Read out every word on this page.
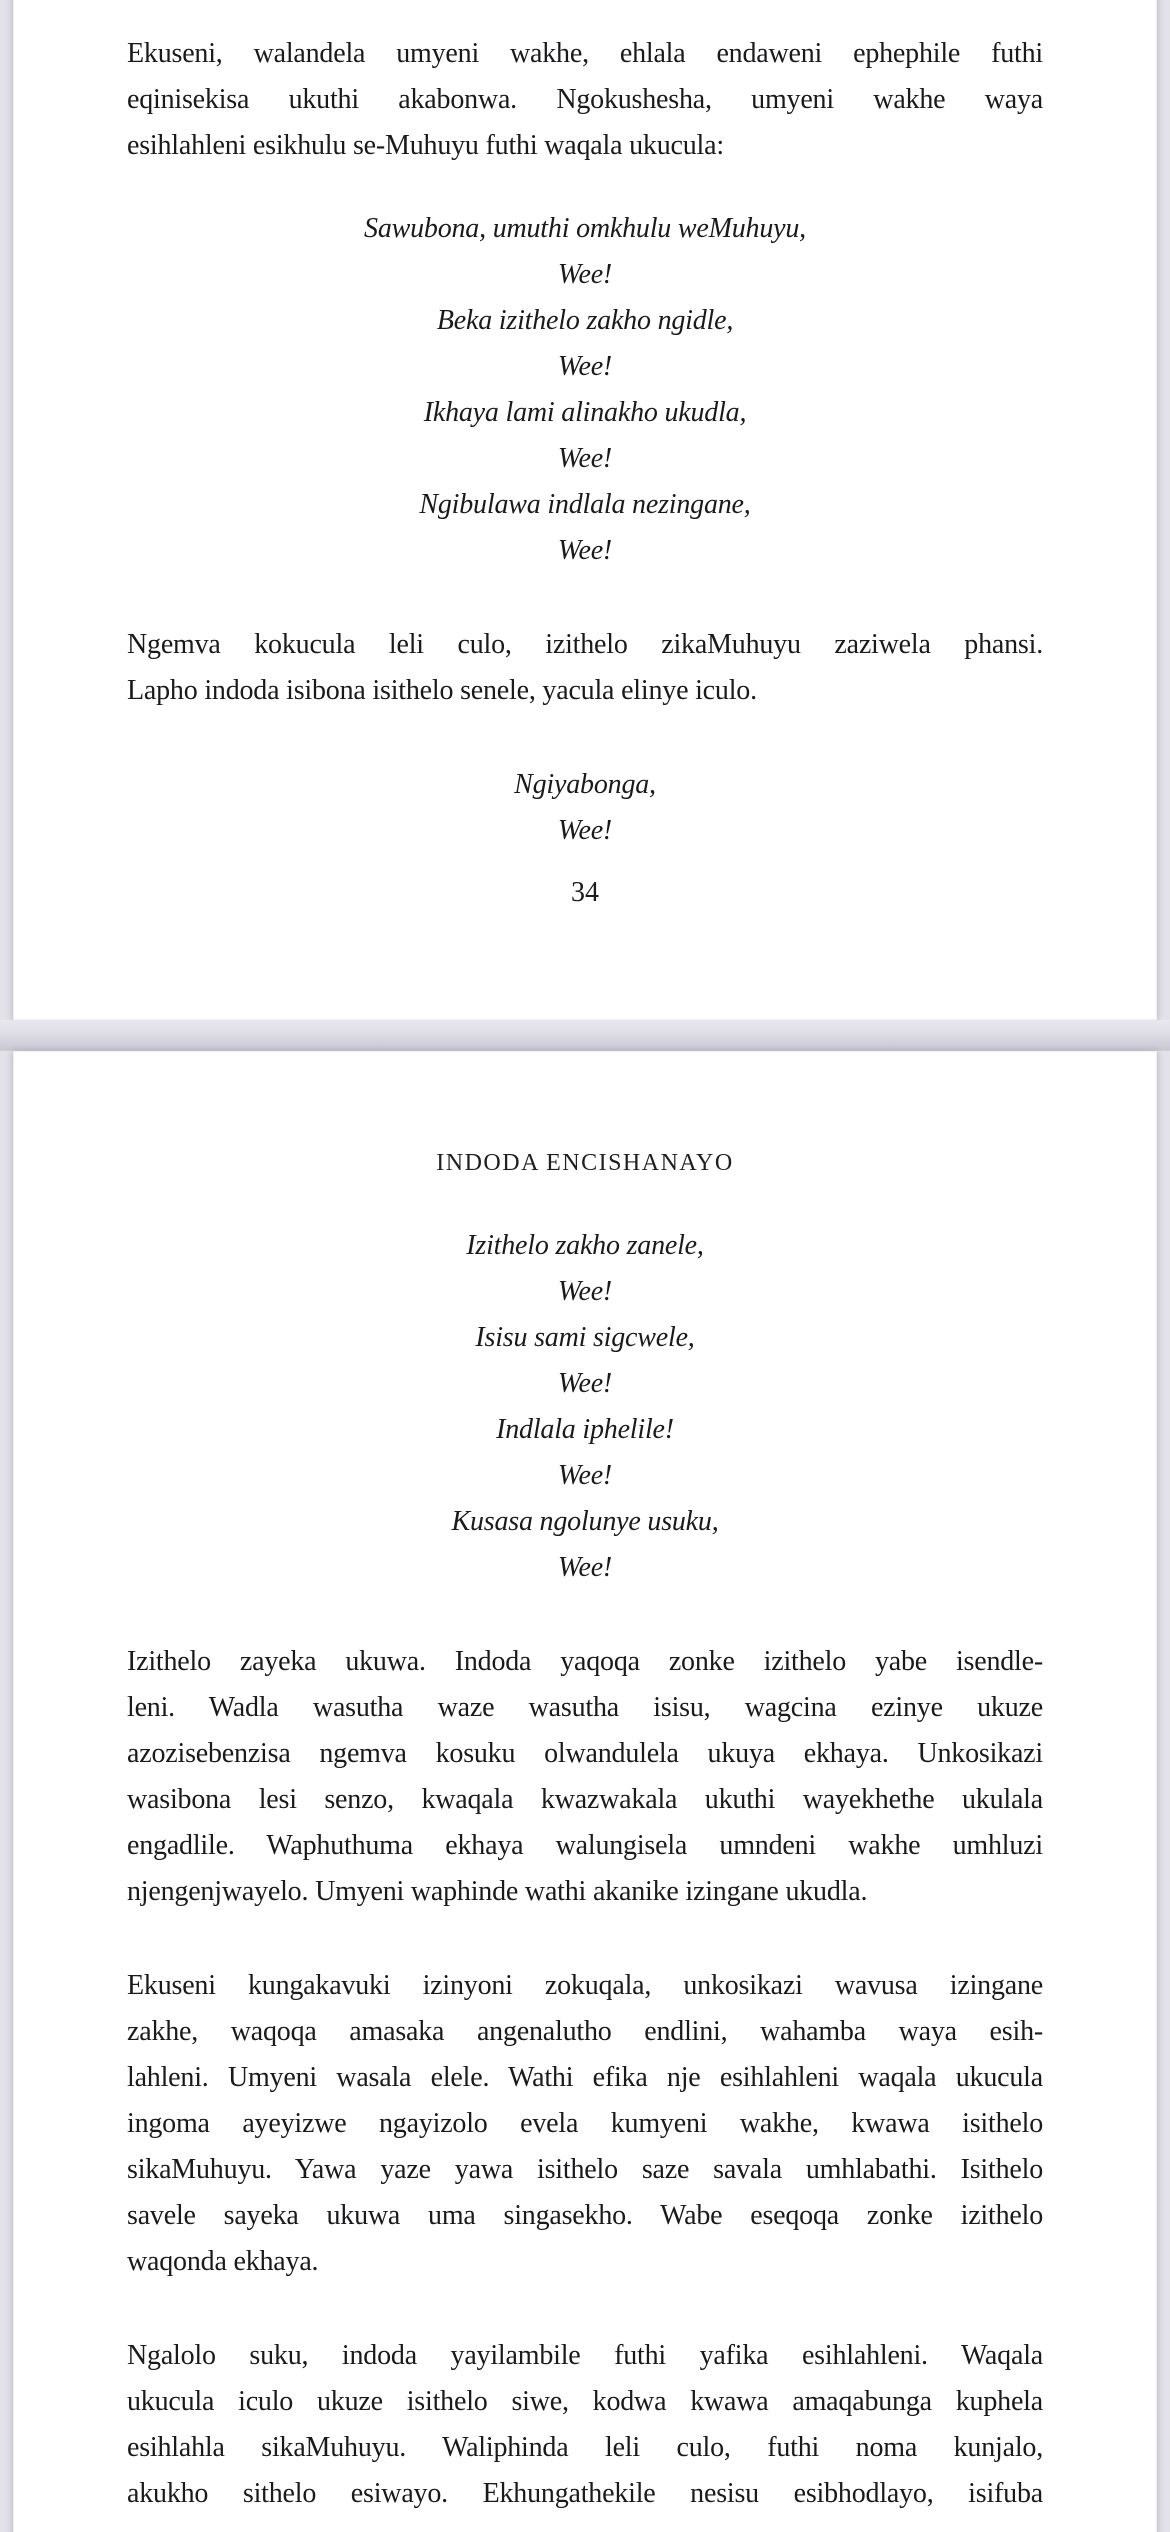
Ekuseni, walandela umyeni wakhe, ehlala endaweni ephephile futhi
eqinisekisa ukuthi akabonwa. Ngokushesha, umyeni wakhe waya
esihlahleni esikhulu se-Muhuyu futhi waqala ukucula:
Sawubona, umuthi omkhulu weMuhuyu,
Wee!
Beka izithelo zakho ngidle,
Wee!
Ikhaya lami alinakho ukudla,
Wee!
Ngibulawa indlala nezingane,
Wee!
Ngemva kokucula leli culo, izithelo zikaMuhuyu zaziwela phansi.
Lapho indoda isibona isithelo senele, yacula elinye iculo.
Ngiyabonga,
Wee!
34
INDODA ENCISHANAYO
Izithelo zakho zanele,
Wee!
Isisu sami sigcwele,
Wee!
Indlala iphelile!
Wee!
Kusasa ngolunye usuku,
Wee!
Izithelo zayeka ukuwa. Indoda yaqoqa zonke izithelo yabe isendle-
leni. Wadla wasutha waze wasutha isisu, wagcina ezinye ukuze
azozisebenzisa ngemva kosuku olwandulela ukuya ekhaya. Unkosikazi
wasibona lesi senzo, kwaqala kwazwakala ukuthi wayekhethe ukulala
engadlile. Waphuthuma ekhaya walungisela umndeni wakhe umhluzi
njengenjwayelo. Umyeni waphinde wathi akanike izingane ukudla.
Ekuseni kungakavuki izinyoni zokuqala, unkosikazi wavusa izingane
zakhe, waqoqa amasaka angenalutho endlini, wahamba waya esih-
lahleni. Umyeni wasala elele. Wathi efika nje esihlahleni waqala ukucula
ingoma ayeyizwe ngayizolo evela kumyeni wakhe, kwawa isithelo
sikaMuhuyu. Yawa yaze yawa isithelo saze savala umhlabathi. Isithelo
savele sayeka ukuwa uma singasekho. Wabe eseqoqa zonke izithelo
waqonda ekhaya.
Ngalolo suku, indoda yayilambile futhi yafika esihlahleni. Waqala
ukucula iculo ukuze isithelo siwe, kodwa kwawa amaqabunga kuphela
esihlahla sikaMuhuyu. Waliphinda leli culo, futhi noma kunjalo,
akukho sithelo esiwayo. Ekhungathekile nesisu esibhodlayo, isifuba
